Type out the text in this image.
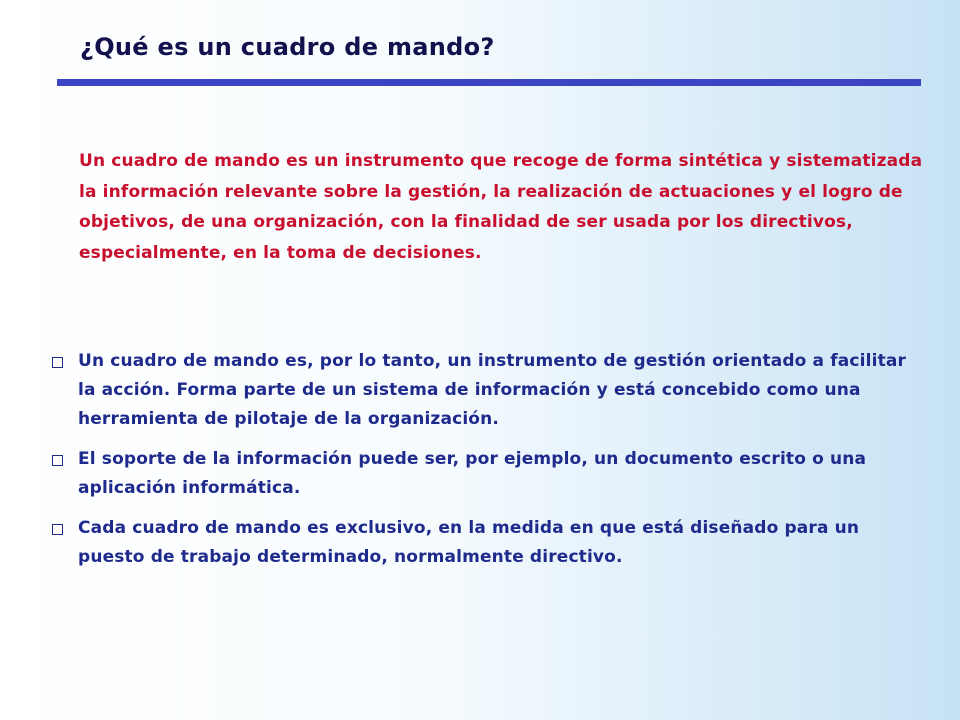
¿Qué es un cuadro de mando?
Un cuadro de mando es un instrumento que recoge de forma sintética y sistematizada la información relevante sobre la gestión, la realización de actuaciones y el logro de objetivos, de una organización, con la finalidad de ser usada por los directivos, especialmente, en la toma de decisiones.
Un cuadro de mando es, por lo tanto, un instrumento de gestión orientado a facilitar la acción. Forma parte de un sistema de información y está concebido como una herramienta de pilotaje de la organización.
El soporte de la información puede ser, por ejemplo, un documento escrito o una aplicación informática.
Cada cuadro de mando es exclusivo, en la medida en que está diseñado para un puesto de trabajo determinado, normalmente directivo.
